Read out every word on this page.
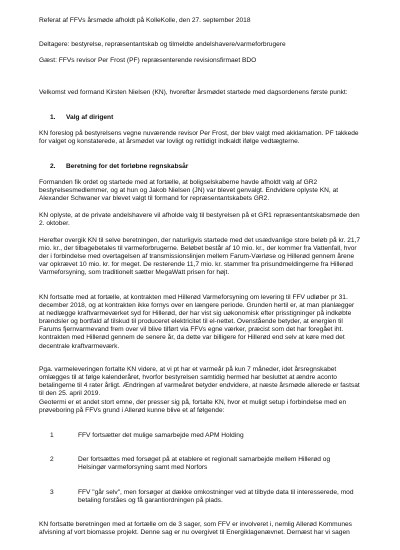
Referat af FFVs årsmøde afholdt på KolleKolle, den 27. september 2018

Deltagere: bestyrelse, repræsentantskab og tilmeldte andelshavere/varmeforbrugere

Gæst: FFVs revisor Per Frost (PF) repræsenterende revisionsfirmaet BDO

Velkomst ved formand Kirsten Nielsen (KN), hvorefter årsmødet startede med dagsordenens første punkt:

1.	Valg af dirigent

KN foreslog på bestyrelsens vegne nuværende revisor Per Frost, der blev valgt med akklamation. PF takkede for valget og konstaterede, at årsmødet var lovligt og rettidigt indkaldt ifølge vedtægterne.

2.	Beretning for det forløbne regnskabsår

Formanden fik ordet og startede med at fortælle, at boligselskaberne havde afholdt valg af GR2 bestyrelsesmedlemmer, og at hun og Jakob Nielsen (JN) var blevet genvalgt. Endvidere oplyste KN, at Alexander Schwaner var blevet valgt til formand for repræsentantskabets GR2.

KN oplyste, at de private andelshavere vil afholde valg til bestyrelsen på et GR1 repræsentantskabsmøde den 2. oktober.

Herefter overgik KN til selve beretningen, der naturligvis startede med det usædvanlige store beløb på kr. 21,7 mio. kr., der tilbagebetales til varmeforbrugerne. Beløbet består af 10 mio. kr., der kommer fra Vattenfall, hvor der i forbindelse med overtagelsen af transmissionslinjen mellem Farum-Værløse og Hillerød gennem årene var opkrævet 10 mio. kr. for meget. De resterende 11,7 mio. kr. stammer fra prisundmeldingerne fra Hillerød Varmeforsyning, som traditionelt sætter MegaWatt prisen for højt.

KN fortsatte med at fortælle, at kontrakten med Hillerød Varmeforsyning om levering til FFV udløber pr 31. december 2018, og at kontrakten ikke fornys over en længere periode. Grunden hertil er, at man planlægger at nedlægge kraftvarmeværket syd for Hillerød, der har vist sig uøkonomisk efter prisstigninger på indkøbte brændsler og bortfald af tilskud til produceret elektricitet til el-nettet. Ovenstående betyder, at energien til Farums fjernvarmevand frem over vil blive tilført via FFVs egne værker, præcist som det har foregået iht. kontrakten med Hillerød gennem de senere år, da dette var billigere for Hillerød end selv at køre med det decentrale kraftvarmeværk.

Pga. varmeleveringen fortalte KN videre, at vi pt har et varmeår på kun 7 måneder, idet årsregnskabet omlægges til at følge kalenderåret, hvorfor bestyrelsen samtidig hermed har besluttet at ændre aconto betalingerne til 4 rater årligt. Ændringen af varmeåret betyder endvidere, at næste årsmøde allerede er fastsat til den 25. april 2019.

Geotermi er et andet stort emne, der presser sig på, fortalte KN, hvor et muligt setup i forbindelse med en prøveboring på FFVs grund i Allerød kunne blive et af følgende:

1	FFV fortsætter det mulige samarbejde med APM Holding
2	Der fortsættes med forsøget på at etablere et regionalt samarbejde mellem Hillerød og Helsingør varmeforsyning samt med Norfors
3	FFV "går selv", men forsøger at dække omkostninger ved at tilbyde data til interesserede, mod betaling forståes og få garantiordningen på plads.

KN fortsatte beretningen med at fortælle om de 3 sager, som FFV er involveret i, nemlig Allerød Kommunes afvisning af vort biomasse projekt. Denne sag er nu overgivet til Energiklagenævnet. Dernæst har vi sagen
